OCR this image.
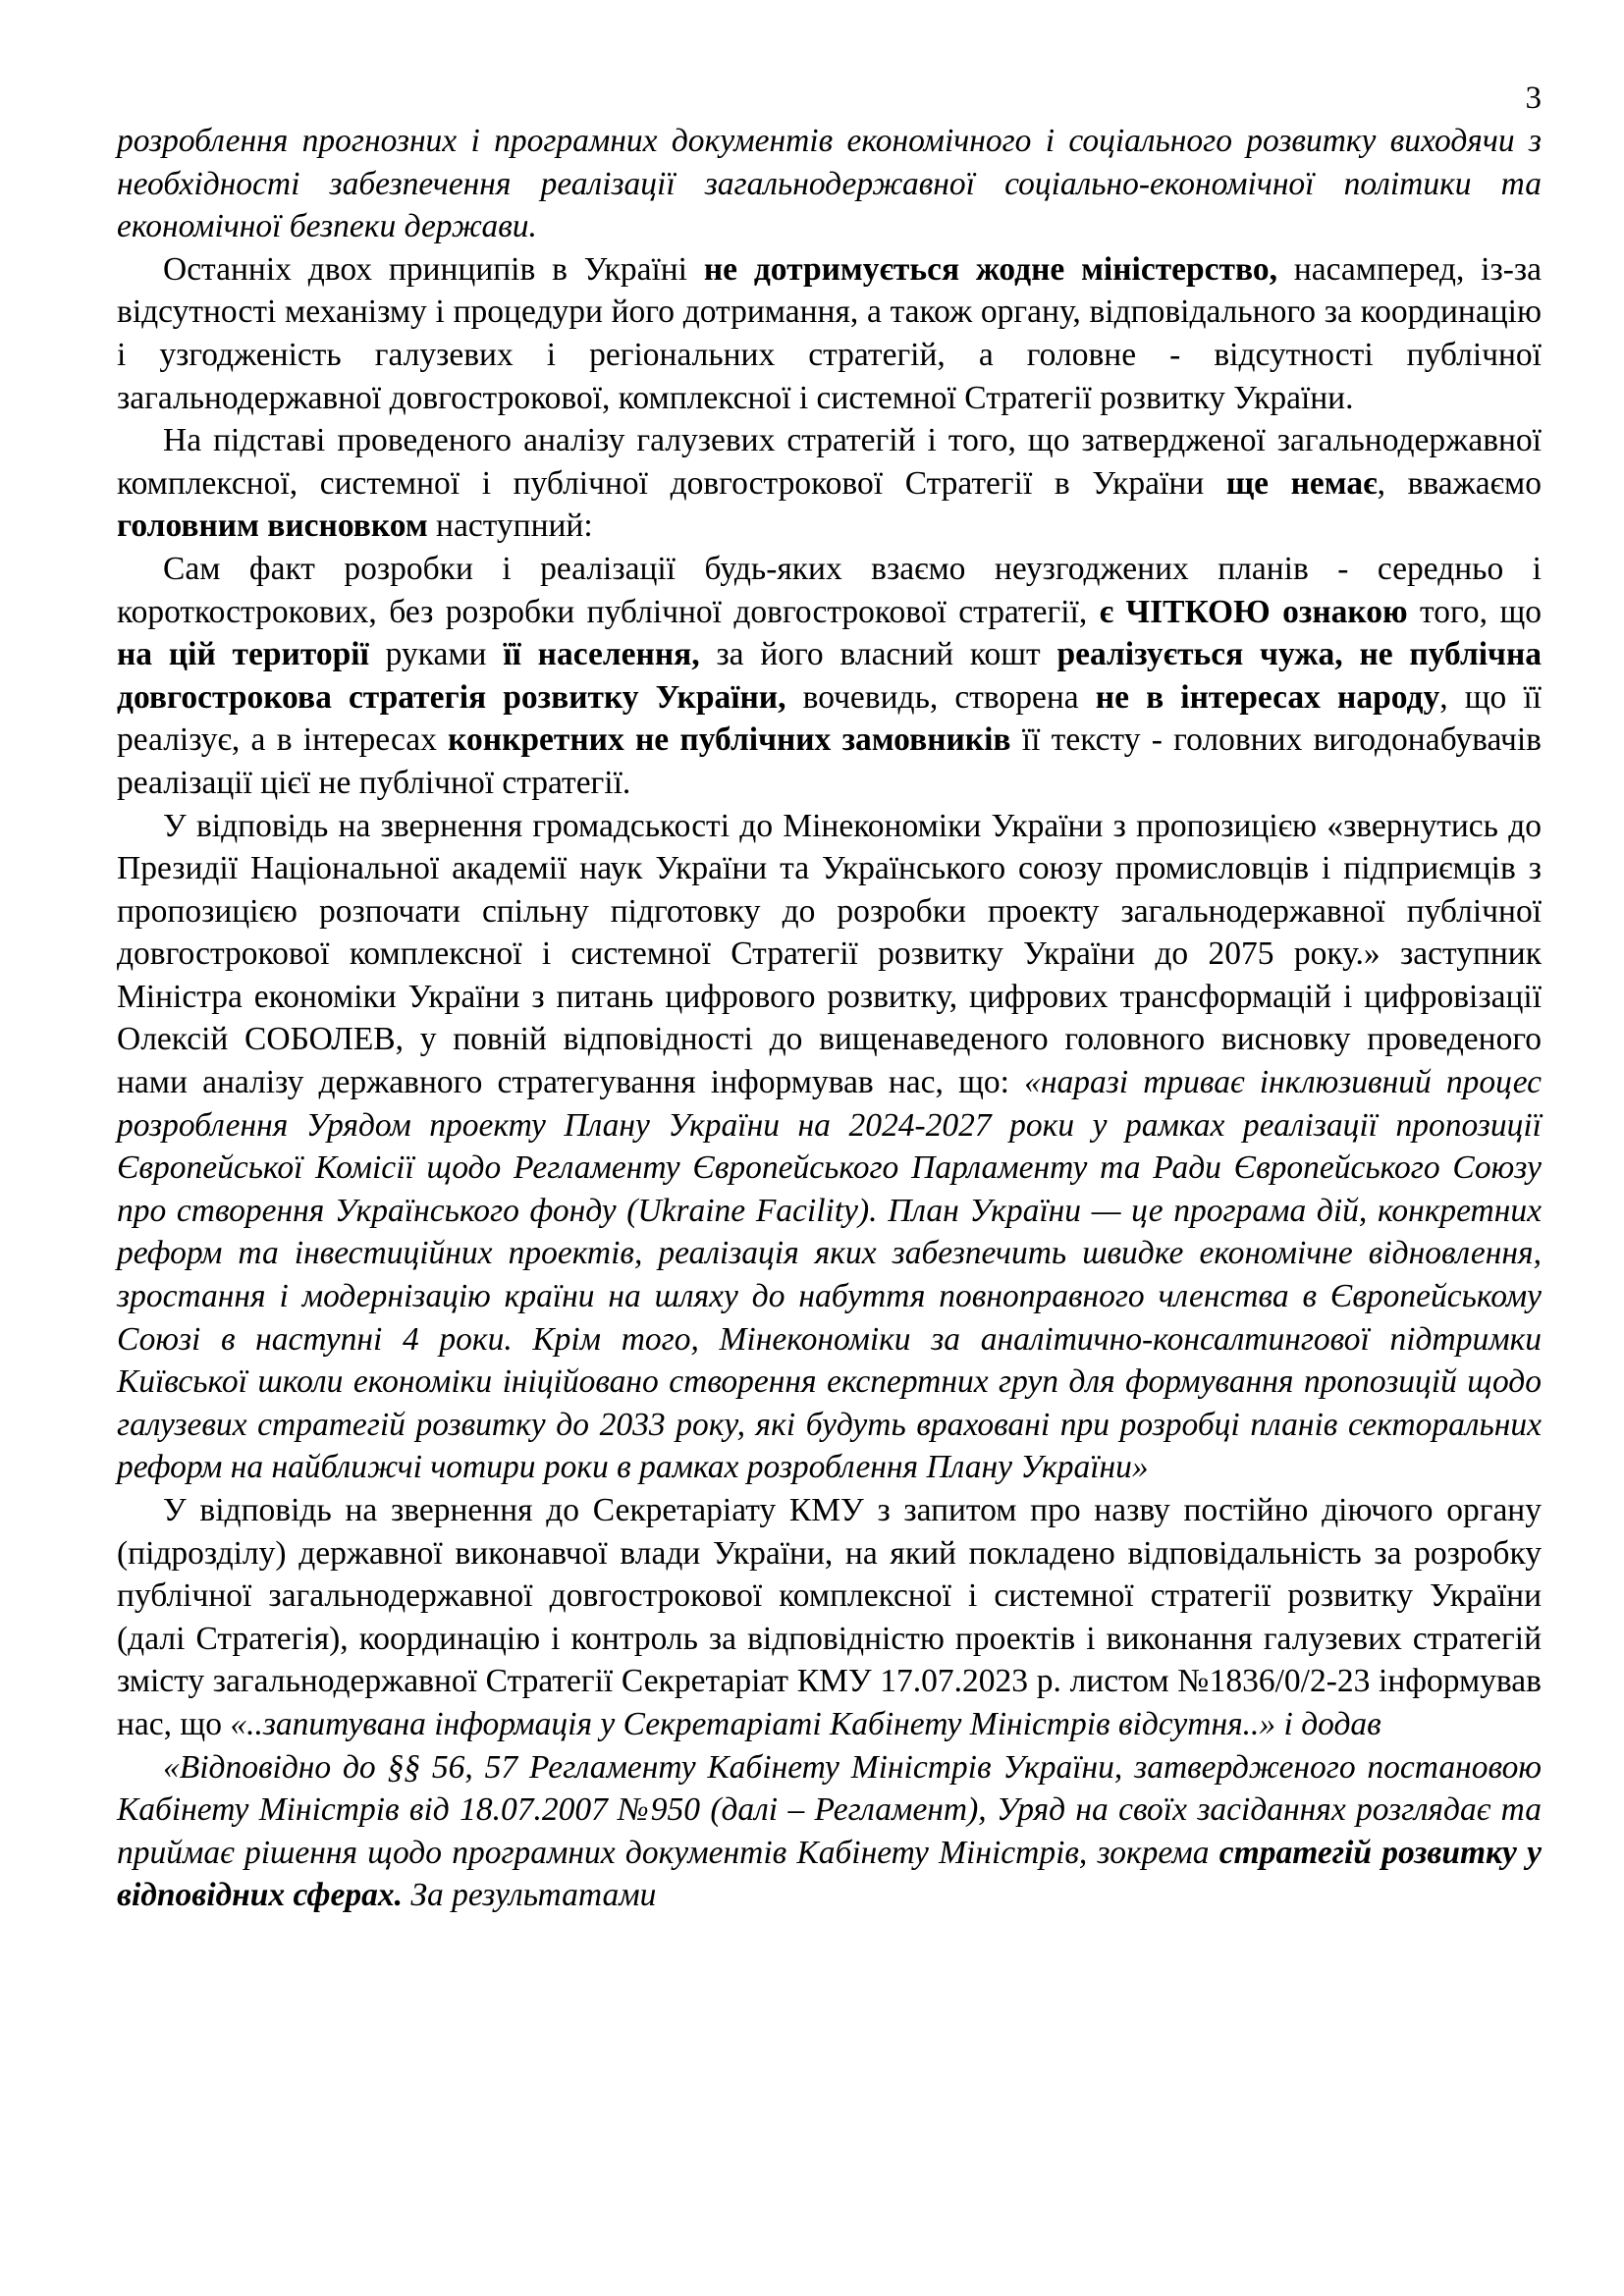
3

розроблення прогнозних і програмних документів економічного і соціального розвитку виходячи з необхідності забезпечення реалізації загальнодержавної соціально-економічної політики та економічної безпеки держави.

Останніх двох принципів в Україні не дотримується жодне міністерство, насамперед, із-за відсутності механізму і процедури його дотримання, а також органу, відповідального за координацію і узгодженість галузевих і регіональних стратегій, а головне - відсутності публічної загальнодержавної довгострокової, комплексної і системної Стратегії розвитку України.

На підставі проведеного аналізу галузевих стратегій і того, що затвердженої загальнодержавної комплексної, системної і публічної довгострокової Стратегії в України ще немає, вважаємо головним висновком наступний:

Сам факт розробки і реалізації будь-яких взаємо неузгоджених планів - середньо і короткострокових, без розробки публічної довгострокової стратегії, є ЧІТКОЮ ознакою того, що на цій території руками її населення, за його власний кошт реалізується чужа, не публічна довгострокова стратегія розвитку України, вочевидь, створена не в інтересах народу, що її реалізує, а в інтересах конкретних не публічних замовників її тексту - головних вигодонабувачів реалізації цієї не публічної стратегії.

У відповідь на звернення громадськості до Мінекономіки України з пропозицією «звернутись до Президії Національної академії наук України та Українського союзу промисловців і підприємців з пропозицією розпочати спільну підготовку до розробки проекту загальнодержавної публічної довгострокової комплексної і системної Стратегії розвитку України до 2075 року.» заступник Міністра економіки України з питань цифрового розвитку, цифрових трансформацій і цифровізації Олексій СОБОЛЕВ, у повній відповідності до вищенаведеного головного висновку проведеного нами аналізу державного стратегування інформував нас, що: «наразі триває інклюзивний процес розроблення Урядом проекту Плану України на 2024-2027 роки у рамках реалізації пропозиції Європейської Комісії щодо Регламенту Європейського Парламенту та Ради Європейського Союзу про створення Українського фонду (Ukraine Facility). План України — це програма дій, конкретних реформ та інвестиційних проектів, реалізація яких забезпечить швидке економічне відновлення, зростання і модернізацію країни на шляху до набуття повноправного членства в Європейському Союзі в наступні 4 роки. Крім того, Мінекономіки за аналітично-консалтингової підтримки Київської школи економіки ініційовано створення експертних груп для формування пропозицій щодо галузевих стратегій розвитку до 2033 року, які будуть враховані при розробці планів секторальних реформ на найближчі чотири роки в рамках розроблення Плану України»

У відповідь на звернення до Секретаріату КМУ з запитом про назву постійно діючого органу (підрозділу) державної виконавчої влади України, на який покладено відповідальність за розробку публічної загальнодержавної довгострокової комплексної і системної стратегії розвитку України (далі Стратегія), координацію і контроль за відповідністю проектів і виконання галузевих стратегій змісту загальнодержавної Стратегії Секретаріат КМУ 17.07.2023 р. листом №1836/0/2-23 інформував нас, що «..запитувана інформація у Секретаріаті Кабінету Міністрів відсутня..» і додав

«Відповідно до §§ 56, 57 Регламенту Кабінету Міністрів України, затвердженого постановою Кабінету Міністрів від 18.07.2007 №950 (далі – Регламент), Уряд на своїх засіданнях розглядає та приймає рішення щодо програмних документів Кабінету Міністрів, зокрема стратегій розвитку у відповідних сферах. За результатами
